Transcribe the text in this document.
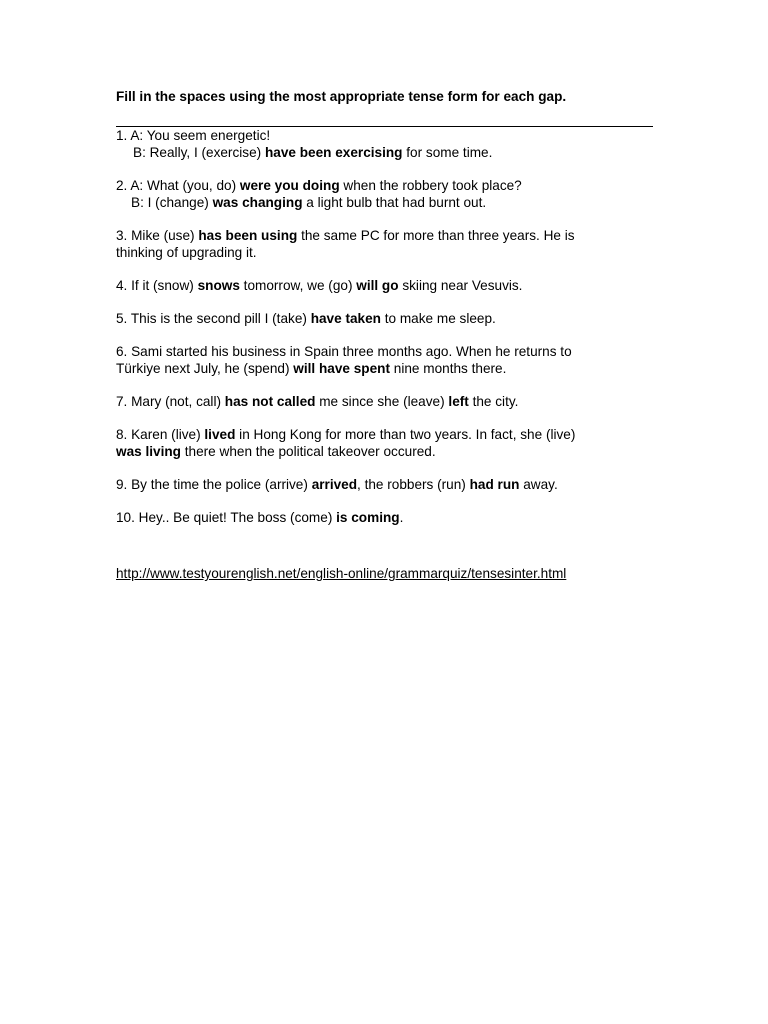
Fill in the spaces using the most appropriate tense form for each gap.

1. A: You seem energetic!
B: Really, I (exercise) have been exercising for some time.
2. A: What (you, do) were you doing when the robbery took place?
B: I (change) was changing a light bulb that had burnt out.
3. Mike (use) has been using the same PC for more than three years. He is
thinking of upgrading it.
4. If it (snow) snows tomorrow, we (go) will go skiing near Vesuvis.
5. This is the second pill I (take) have taken to make me sleep.
6. Sami started his business in Spain three months ago. When he returns to
Türkiye next July, he (spend) will have spent nine months there.
7. Mary (not, call) has not called me since she (leave) left the city.
8. Karen (live) lived in Hong Kong for more than two years. In fact, she (live)
was living there when the political takeover occured.
9. By the time the police (arrive) arrived, the robbers (run) had run away.
10. Hey.. Be quiet! The boss (come) is coming.
http://www.testyourenglish.net/english-online/grammarquiz/tensesinter.html
